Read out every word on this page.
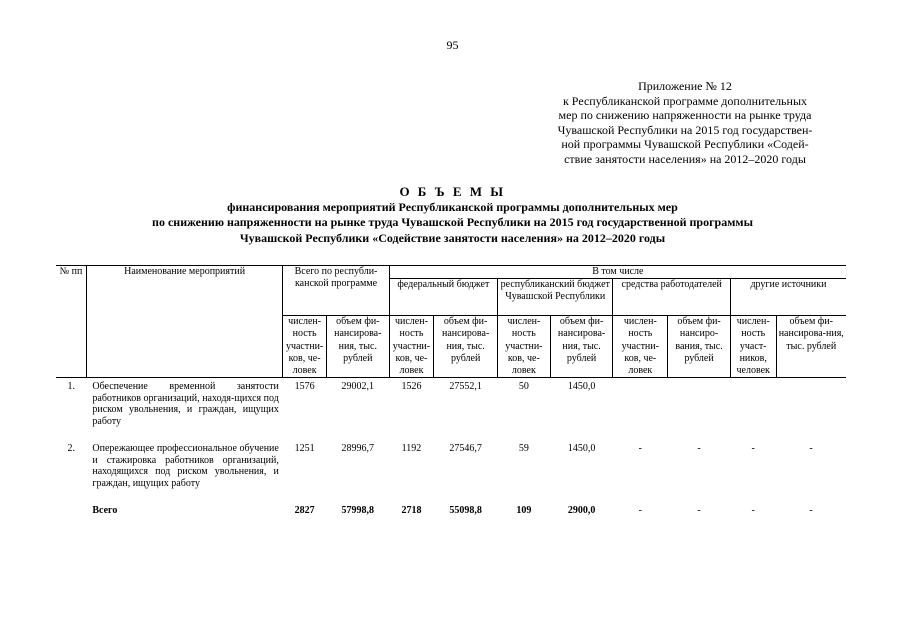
95
Приложение № 12
к Республиканской программе дополнительных
мер по снижению напряженности на рынке труда
Чувашской Республики на 2015 год государствен-
ной программы Чувашской Республики «Содей-
ствие занятости населения» на 2012–2020 годы
О Б Ъ Е М Ы
финансирования мероприятий Республиканской программы дополнительных мер
по снижению напряженности на рынке труда Чувашской Республики на 2015 год государственной программы
Чувашской Республики «Содействие занятости населения» на 2012–2020 годы
№ пп	Наименование мероприятий	Всего по республи-канской программе		В том числе							
				федеральный бюджет		республиканский бюджет Чувашской Республики		средства работодателей		другие источники	
		числен-ность участни-ков, че-ловек	объем фи-нансирова-ния, тыс. рублей	числен-ность участни-ков, че-ловек	объем фи-нансирова-ния, тыс. рублей	числен-ность участни-ков, че-ловек	объем фи-нансирова-ния, тыс. рублей	числен-ность участни-ков, че-ловек	объем фи-нансиро-вания, тыс. рублей	числен-ность участ-ников, человек	объем фи-нансирова-ния, тыс. рублей
1.	Обеспечение временной занятости работников организаций, находя-щихся под риском увольнения, и граждан, ищущих работу	1576	29002,1	1526	27552,1	50	1450,0				

2.	Опережающее профессиональное обучение и стажировка работников организаций, находящихся под риском увольнения, и граждан, ищущих работу	1251	28996,7	1192	27546,7	59	1450,0	-	-	-	-

	Всего	2827	57998,8	2718	55098,8	109	2900,0	-	-	-	-
